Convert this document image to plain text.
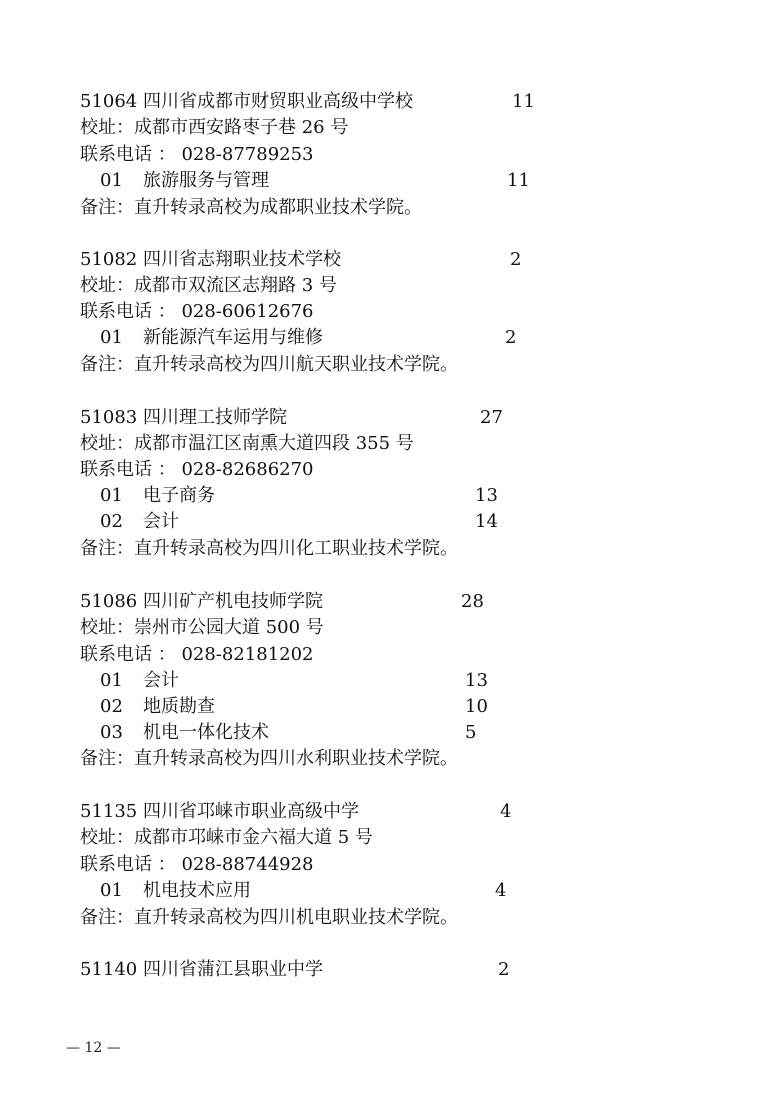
51064 四川省成都市财贸职业高级中学校	11
校址：成都市西安路枣子巷 26 号
联系电话 ： 028-87789253
01 旅游服务与管理	11
备注：直升转录高校为成都职业技术学院。
51082 四川省志翔职业技术学校	2
校址：成都市双流区志翔路 3 号
联系电话 ： 028-60612676
01 新能源汽车运用与维修	2
备注：直升转录高校为四川航天职业技术学院。
51083 四川理工技师学院	27
校址：成都市温江区南熏大道四段 355 号
联系电话 ： 028-82686270
01 电子商务	13
02 会计	14
备注：直升转录高校为四川化工职业技术学院。
51086 四川矿产机电技师学院	28
校址：崇州市公园大道 500 号
联系电话 ： 028-82181202
01 会计	13
02 地质勘查	10
03 机电一体化技术	5
备注：直升转录高校为四川水利职业技术学院。
51135 四川省邛崃市职业高级中学	4
校址：成都市邛崃市金六福大道 5 号
联系电话 ： 028-88744928
01 机电技术应用	4
备注：直升转录高校为四川机电职业技术学院。
51140 四川省蒲江县职业中学	2
— 12 —
